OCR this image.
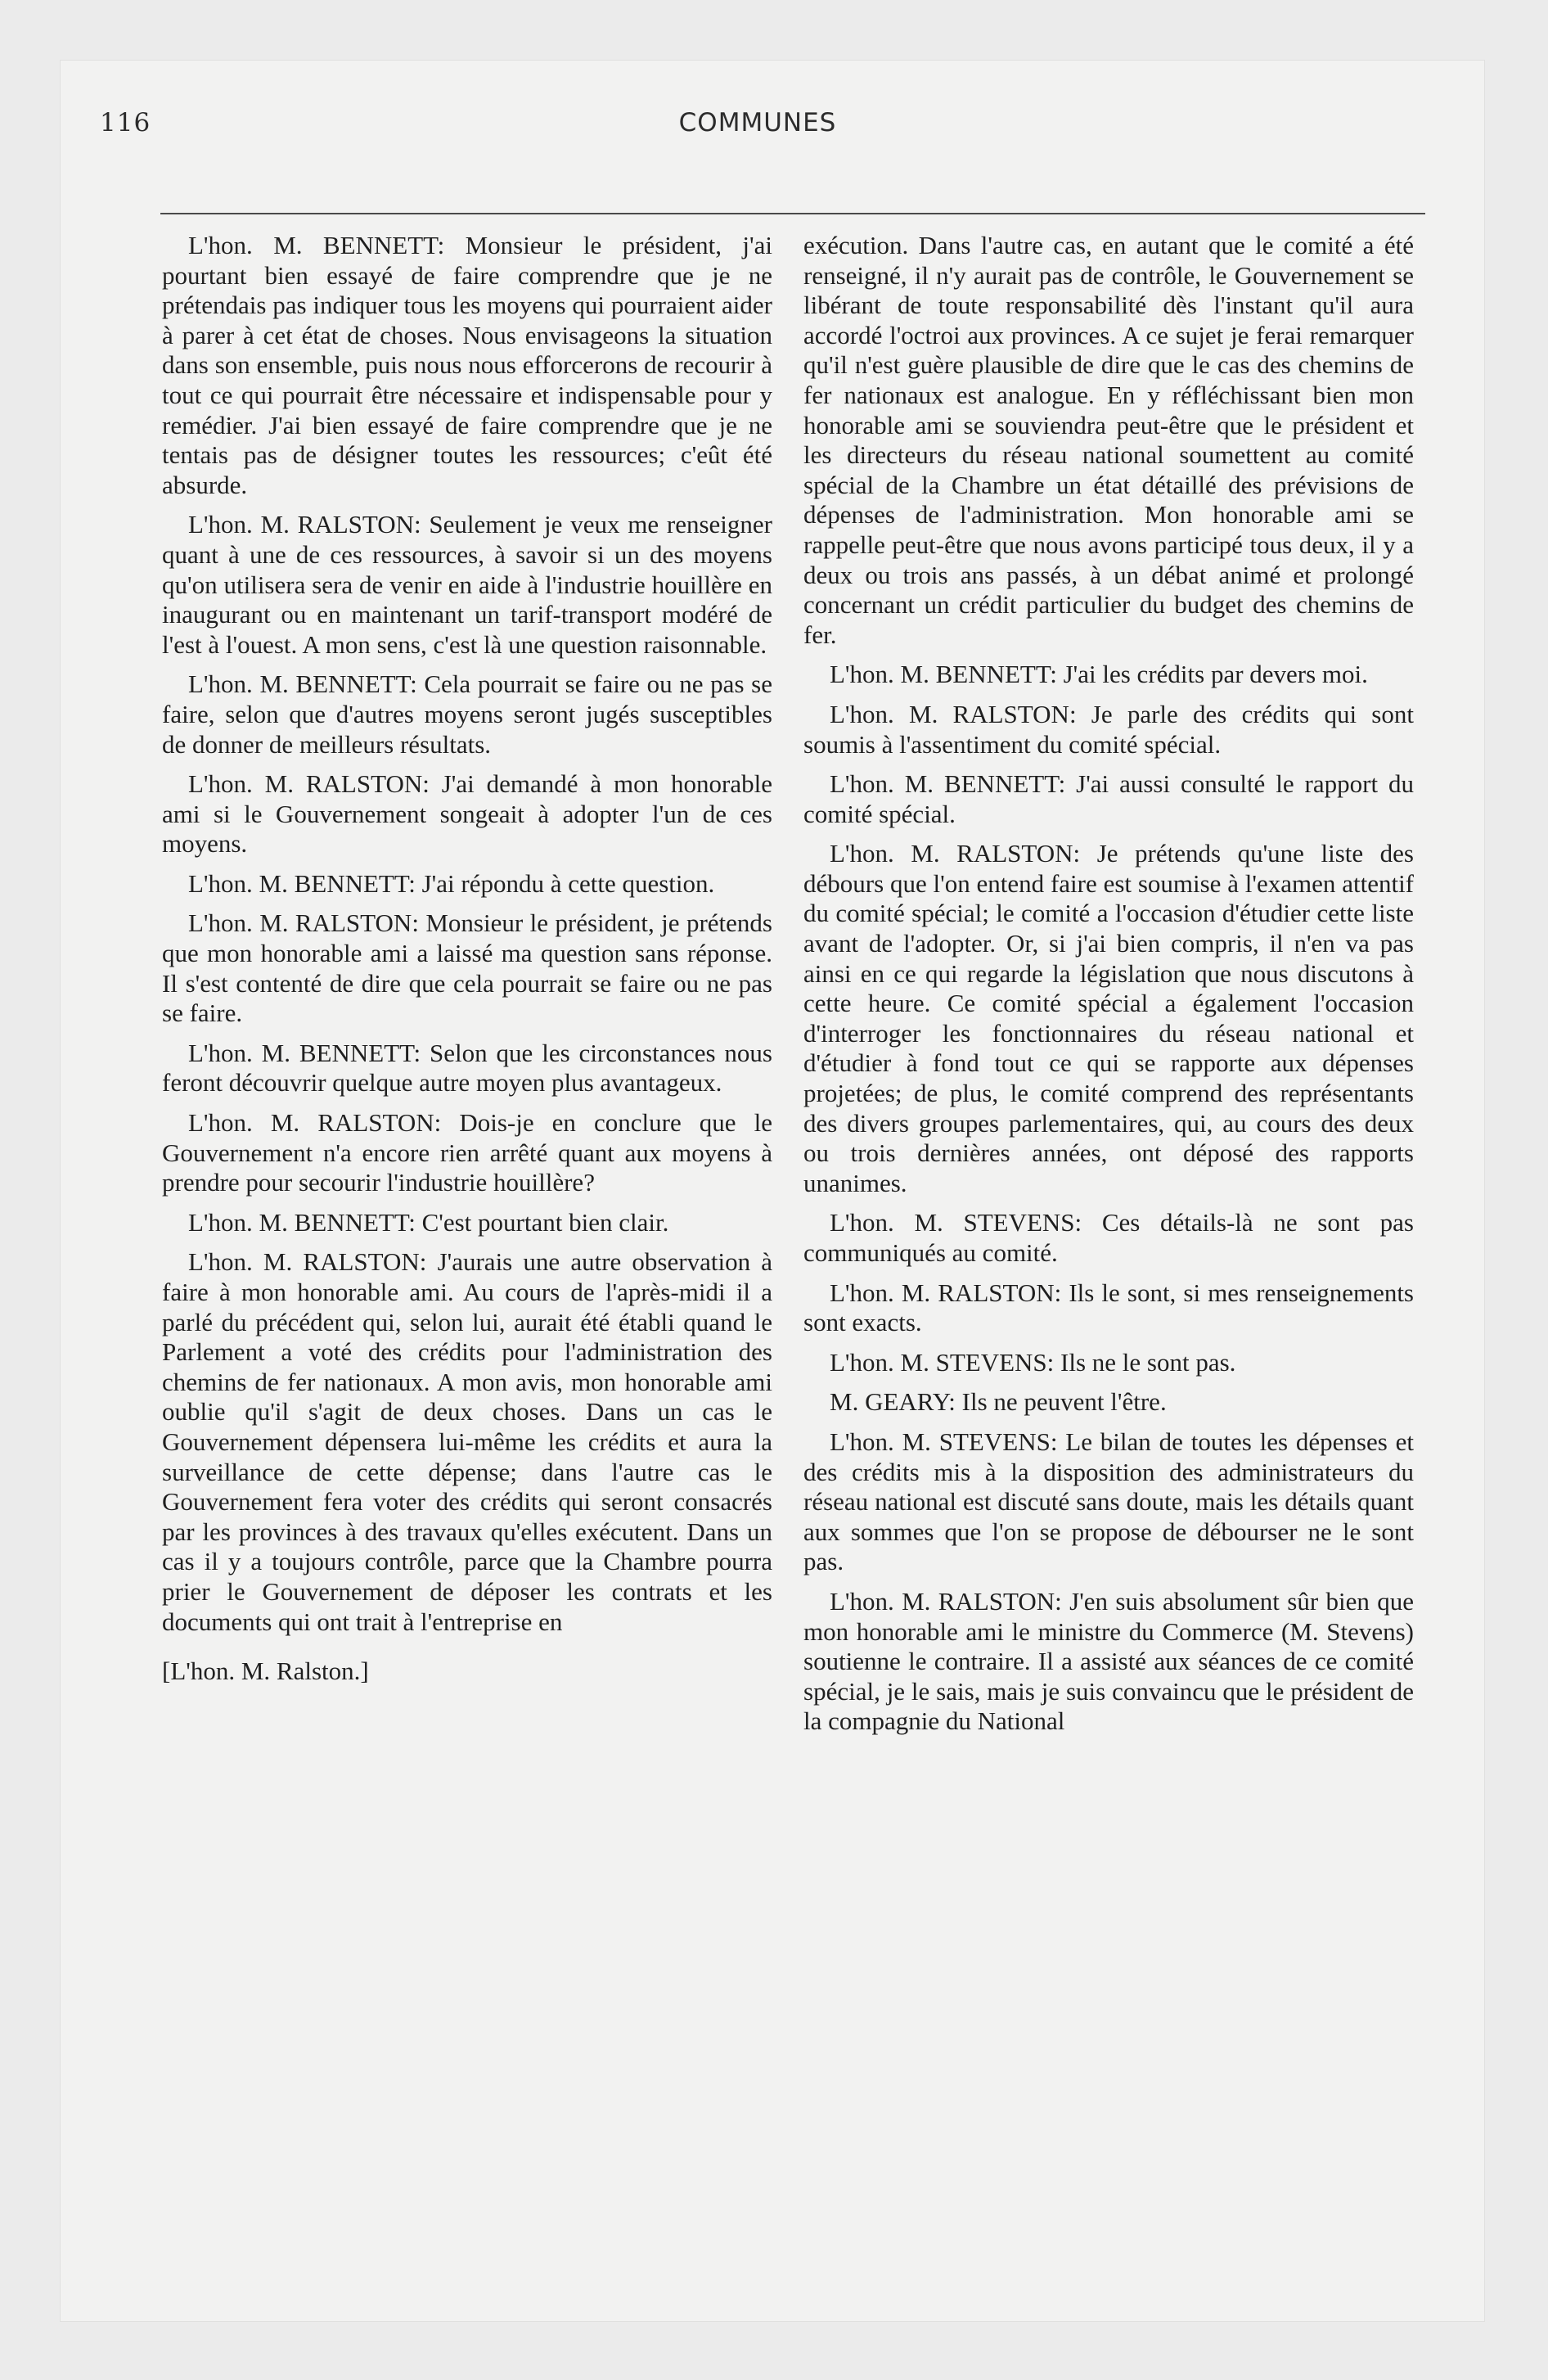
116	COMMUNES

L'hon. M. BENNETT: Monsieur le président, j'ai pourtant bien essayé de faire comprendre que je ne prétendais pas indiquer tous les moyens qui pourraient aider à parer à cet état de choses. Nous envisageons la situation dans son ensemble, puis nous nous efforcerons de recourir à tout ce qui pourrait être nécessaire et indispensable pour y remédier. J'ai bien essayé de faire comprendre que je ne tentais pas de désigner toutes les ressources; c'eût été absurde.

L'hon. M. RALSTON: Seulement je veux me renseigner quant à une de ces ressources, à savoir si un des moyens qu'on utilisera sera de venir en aide à l'industrie houillère en inaugurant ou en maintenant un tarif-transport modéré de l'est à l'ouest. A mon sens, c'est là une question raisonnable.

L'hon. M. BENNETT: Cela pourrait se faire ou ne pas se faire, selon que d'autres moyens seront jugés susceptibles de donner de meilleurs résultats.

L'hon. M. RALSTON: J'ai demandé à mon honorable ami si le Gouvernement songeait à adopter l'un de ces moyens.

L'hon. M. BENNETT: J'ai répondu à cette question.

L'hon. M. RALSTON: Monsieur le président, je prétends que mon honorable ami a laissé ma question sans réponse. Il s'est contenté de dire que cela pourrait se faire ou ne pas se faire.

L'hon. M. BENNETT: Selon que les circonstances nous feront découvrir quelque autre moyen plus avantageux.

L'hon. M. RALSTON: Dois-je en conclure que le Gouvernement n'a encore rien arrêté quant aux moyens à prendre pour secourir l'industrie houillère?

L'hon. M. BENNETT: C'est pourtant bien clair.

L'hon. M. RALSTON: J'aurais une autre observation à faire à mon honorable ami. Au cours de l'après-midi il a parlé du précédent qui, selon lui, aurait été établi quand le Parlement a voté des crédits pour l'administration des chemins de fer nationaux. A mon avis, mon honorable ami oublie qu'il s'agit de deux choses. Dans un cas le Gouvernement dépensera lui-même les crédits et aura la surveillance de cette dépense; dans l'autre cas le Gouvernement fera voter des crédits qui seront consacrés par les provinces à des travaux qu'elles exécutent. Dans un cas il y a toujours contrôle, parce que la Chambre pourra prier le Gouvernement de déposer les contrats et les documents qui ont trait à l'entreprise en

[L'hon. M. Ralston.]

exécution. Dans l'autre cas, en autant que le comité a été renseigné, il n'y aurait pas de contrôle, le Gouvernement se libérant de toute responsabilité dès l'instant qu'il aura accordé l'octroi aux provinces. A ce sujet je ferai remarquer qu'il n'est guère plausible de dire que le cas des chemins de fer nationaux est analogue. En y réfléchissant bien mon honorable ami se souviendra peut-être que le président et les directeurs du réseau national soumettent au comité spécial de la Chambre un état détaillé des prévisions de dépenses de l'administration. Mon honorable ami se rappelle peut-être que nous avons participé tous deux, il y a deux ou trois ans passés, à un débat animé et prolongé concernant un crédit particulier du budget des chemins de fer.

L'hon. M. BENNETT: J'ai les crédits par devers moi.

L'hon. M. RALSTON: Je parle des crédits qui sont soumis à l'assentiment du comité spécial.

L'hon. M. BENNETT: J'ai aussi consulté le rapport du comité spécial.

L'hon. M. RALSTON: Je prétends qu'une liste des débours que l'on entend faire est soumise à l'examen attentif du comité spécial; le comité a l'occasion d'étudier cette liste avant de l'adopter. Or, si j'ai bien compris, il n'en va pas ainsi en ce qui regarde la législation que nous discutons à cette heure. Ce comité spécial a également l'occasion d'interroger les fonctionnaires du réseau national et d'étudier à fond tout ce qui se rapporte aux dépenses projetées; de plus, le comité comprend des représentants des divers groupes parlementaires, qui, au cours des deux ou trois dernières années, ont déposé des rapports unanimes.

L'hon. M. STEVENS: Ces détails-là ne sont pas communiqués au comité.

L'hon. M. RALSTON: Ils le sont, si mes renseignements sont exacts.

L'hon. M. STEVENS: Ils ne le sont pas.

M. GEARY: Ils ne peuvent l'être.

L'hon. M. STEVENS: Le bilan de toutes les dépenses et des crédits mis à la disposition des administrateurs du réseau national est discuté sans doute, mais les détails quant aux sommes que l'on se propose de débourser ne le sont pas.

L'hon. M. RALSTON: J'en suis absolument sûr bien que mon honorable ami le ministre du Commerce (M. Stevens) soutienne le contraire. Il a assisté aux séances de ce comité spécial, je le sais, mais je suis convaincu que le président de la compagnie du National
